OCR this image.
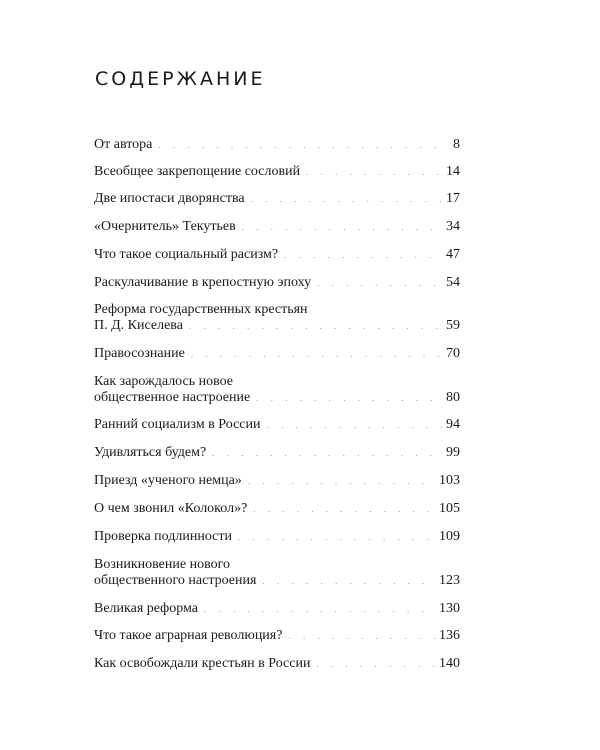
СОДЕРЖАНИЕ
От автора . . .	8
Всеобщее закрепощение сословий . . .	14
Две ипостаси дворянства . . .	17
«Очернитель» Текутьев . . .	34
Что такое социальный расизм? . . .	47
Раскулачивание в крепостную эпоху . . .	54
Реформа государственных крестьян
П. Д. Киселева . . .	59
Правосознание . . .	70
Как зарождалось новое
общественное настроение . . .	80
Ранний социализм в России . . .	94
Удивляться будем? . . .	99
Приезд «ученого немца» . . .	103
О чем звонил «Колокол»? . . .	105
Проверка подлинности . . .	109
Возникновение нового
общественного настроения . . .	123
Великая реформа . . .	130
Что такое аграрная революция? . . .	136
Как освобождали крестьян в России . . .	140
